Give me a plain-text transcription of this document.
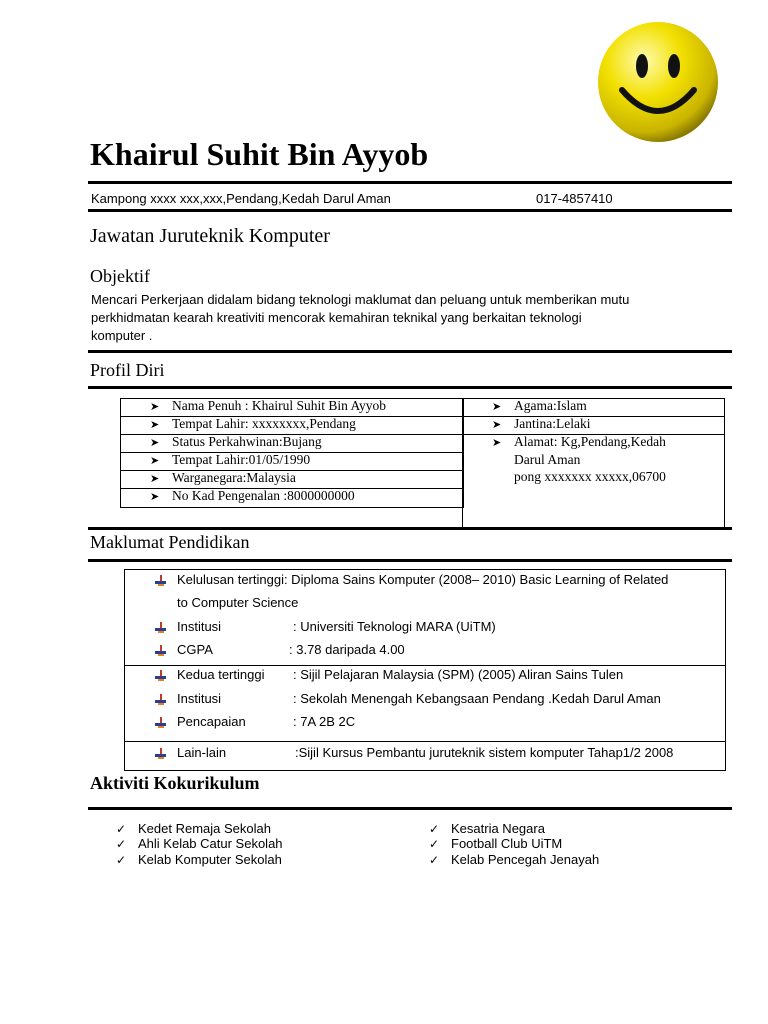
Khairul Suhit Bin Ayyob
Kampong xxxx xxx,xxx,Pendang,Kedah Darul Aman	017-4857410
Jawatan Juruteknik Komputer
Objektif
Mencari Perkerjaan didalam bidang teknologi maklumat dan peluang untuk memberikan mutu
perkhidmatan kearah kreativiti mencorak kemahiran teknikal yang berkaitan teknologi
komputer .
Profil Diri
➤ Nama Penuh : Khairul Suhit Bin Ayyob
➤ Tempat Lahir: xxxxxxxx,Pendang
➤ Status Perkahwinan:Bujang
➤ Tempat Lahir:01/05/1990
➤ Warganegara:Malaysia
➤ No Kad Pengenalan :8000000000
➤ Agama:Islam
➤ Jantina:Lelaki
➤ Alamat: Kg,Pendang,Kedah
Darul Aman
pong xxxxxxx xxxxx,06700
Maklumat Pendidikan
Kelulusan tertinggi: Diploma Sains Komputer (2008– 2010) Basic Learning of Related
to Computer Science
Institusi	: Universiti Teknologi MARA (UiTM)
CGPA	: 3.78 daripada 4.00
Kedua tertinggi : Sijil Pelajaran Malaysia (SPM) (2005) Aliran Sains Tulen
Institusi	: Sekolah Menengah Kebangsaan Pendang .Kedah Darul Aman
Pencapaian	: 7A 2B 2C
Lain-lain	:Sijil Kursus Pembantu juruteknik sistem komputer Tahap1/2 2008
Aktiviti Kokurikulum
✓ Kedet Remaja Sekolah
✓ Ahli Kelab Catur Sekolah
✓ Kelab Komputer Sekolah
✓ Kesatria Negara
✓ Football Club UiTM
✓ Kelab Pencegah Jenayah
